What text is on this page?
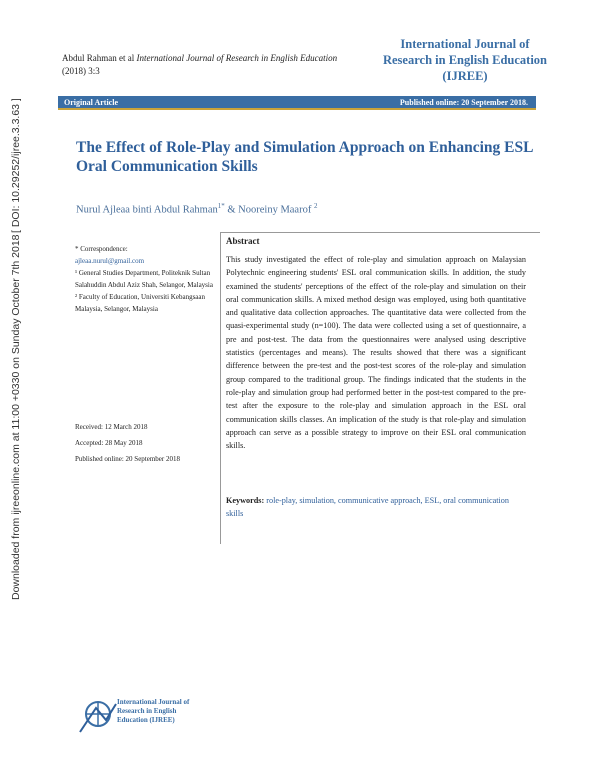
[ DOI: 10.29252/ijree.3.3.63 ]
Downloaded from ijreeonline.com at 11:00 +0330 on Sunday October 7th 2018
Abdul Rahman et al International Journal of Research in English Education
(2018) 3:3
International Journal of Research in English Education (IJREE)
Original Article	Published online: 20 September 2018.
The Effect of Role-Play and Simulation Approach on Enhancing ESL Oral Communication Skills
Nurul Ajleaa binti Abdul Rahman$^{1*}$ & Nooreiny Maarof $^2$
* Correspondence:
ajleaa.nurul@gmail.com
¹ General Studies Department, Politeknik Sultan Salahuddin Abdul Aziz Shah, Selangor, Malaysia
² Faculty of Education, Universiti Kebangsaan Malaysia, Selangor, Malaysia
Received: 12 March 2018
Accepted: 28 May 2018
Published online: 20 September 2018
Abstract
This study investigated the effect of role-play and simulation approach on Malaysian Polytechnic engineering students' ESL oral communication skills. In addition, the study examined the students' perceptions of the effect of the role-play and simulation on their oral communication skills. A mixed method design was employed, using both quantitative and qualitative data collection approaches. The quantitative data were collected from the quasi-experimental study (n=100). The data were collected using a set of questionnaire, a pre and post-test. The data from the questionnaires were analysed using descriptive statistics (percentages and means). The results showed that there was a significant difference between the pre-test and the post-test scores of the role-play and simulation group compared to the traditional group. The findings indicated that the students in the role-play and simulation group had performed better in the post-test compared to the pre-test after the exposure to the role-play and simulation approach in the ESL oral communication skills classes. An implication of the study is that role-play and simulation approach can serve as a possible strategy to improve on their ESL oral communication skills.
Keywords: role-play, simulation, communicative approach, ESL, oral communication skills
International Journal of
Research in English
Education (IJREE)
